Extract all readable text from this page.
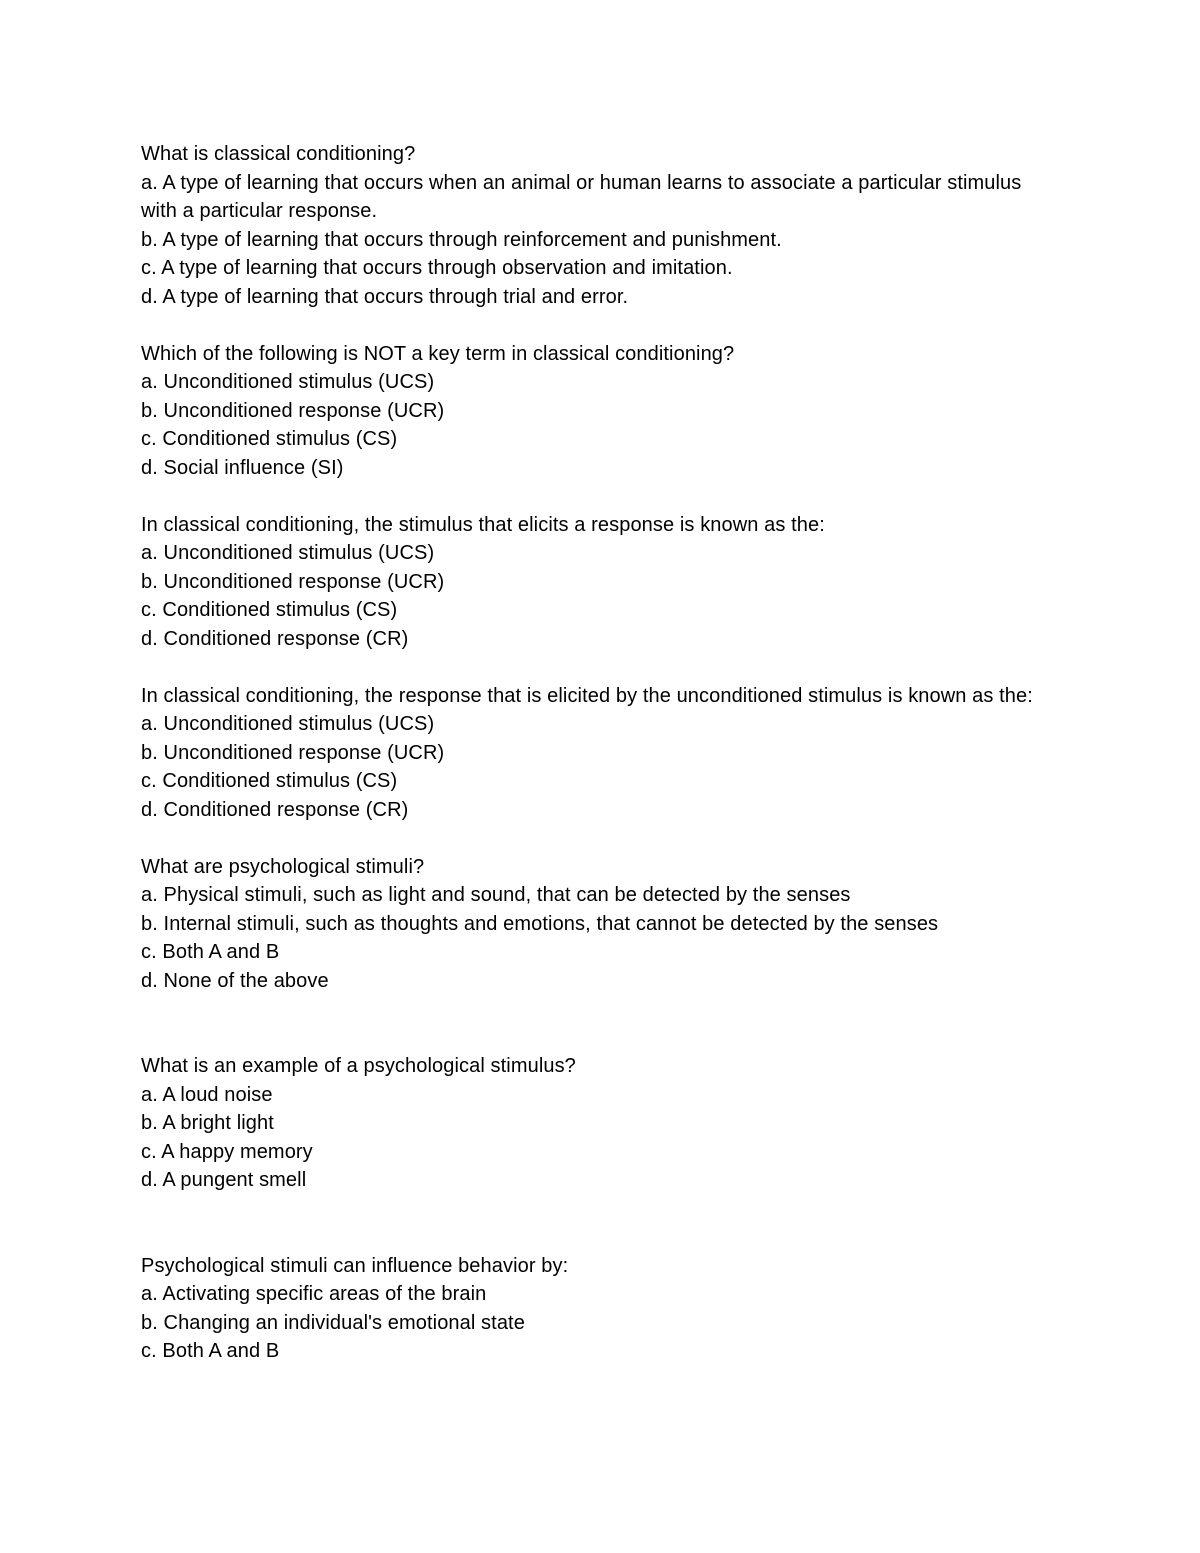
What is classical conditioning?
a. A type of learning that occurs when an animal or human learns to associate a particular stimulus with a particular response.
b. A type of learning that occurs through reinforcement and punishment.
c. A type of learning that occurs through observation and imitation.
d. A type of learning that occurs through trial and error.
Which of the following is NOT a key term in classical conditioning?
a. Unconditioned stimulus (UCS)
b. Unconditioned response (UCR)
c. Conditioned stimulus (CS)
d. Social influence (SI)
In classical conditioning, the stimulus that elicits a response is known as the:
a. Unconditioned stimulus (UCS)
b. Unconditioned response (UCR)
c. Conditioned stimulus (CS)
d. Conditioned response (CR)
In classical conditioning, the response that is elicited by the unconditioned stimulus is known as the:
a. Unconditioned stimulus (UCS)
b. Unconditioned response (UCR)
c. Conditioned stimulus (CS)
d. Conditioned response (CR)
What are psychological stimuli?
a. Physical stimuli, such as light and sound, that can be detected by the senses
b. Internal stimuli, such as thoughts and emotions, that cannot be detected by the senses
c. Both A and B
d. None of the above
What is an example of a psychological stimulus?
a. A loud noise
b. A bright light
c. A happy memory
d. A pungent smell
Psychological stimuli can influence behavior by:
a. Activating specific areas of the brain
b. Changing an individual's emotional state
c. Both A and B
